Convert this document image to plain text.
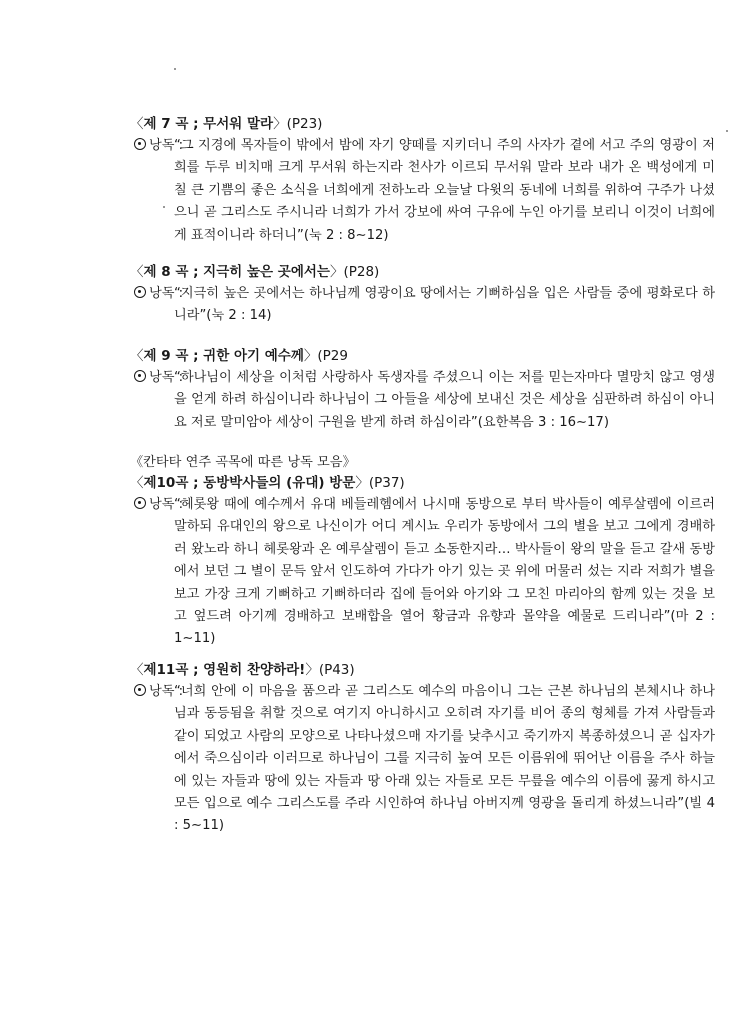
〈제 7 곡 ; 무서워 말라〉(P23)
낭독 :
“그 지경에 목자들이 밖에서 밤에 자기 양떼를 지키더니 주의 사자가 곁에 서고 주의 영광이 저희를 두루 비치매 크게 무서워 하는지라 천사가 이르되 무서워 말라 보라 내가 온 백성에게 미칠 큰 기쁨의 좋은 소식을 너희에게 전하노라 오늘날 다윗의 동네에 너희를 위하여 구주가 나셨으니 곧 그리스도 주시니라 너희가 가서 강보에 싸여 구유에 누인 아기를 보리니 이것이 너희에게 표적이니라 하더니”(눅 2 : 8∼12)
〈제 8 곡 ; 지극히 높은 곳에서는〉(P28)
낭독 :
“지극히 높은 곳에서는 하나님께 영광이요 땅에서는 기뻐하심을 입은 사람들 중에 평화로다 하니라”(눅 2 : 14)
〈제 9 곡 ; 귀한 아기 예수께〉(P29
낭독 :
“하나님이 세상을 이처럼 사랑하사 독생자를 주셨으니 이는 저를 믿는자마다 멸망치 않고 영생을 얻게 하려 하심이니라 하나님이 그 아들을 세상에 보내신 것은 세상을 심판하려 하심이 아니요 저로 말미암아 세상이 구원을 받게 하려 하심이라”(요한복음 3 : 16∼17)
《칸타타 연주 곡목에 따른 낭독 모음》
〈제10곡 ; 동방박사들의 (유대) 방문〉(P37)
낭독 :
“헤롯왕 때에 예수께서 유대 베들레헴에서 나시매 동방으로 부터 박사들이 예루살렘에 이르러 말하되 유대인의 왕으로 나신이가 어디 계시뇨 우리가 동방에서 그의 별을 보고 그에게 경배하러 왔노라 하니 헤롯왕과 온 예루살렘이 듣고 소동한지라… 박사들이 왕의 말을 듣고 갈새 동방에서 보던 그 별이 문득 앞서 인도하여 가다가 아기 있는 곳 위에 머물러 섰는 지라 저희가 별을 보고 가장 크게 기뻐하고 기뻐하더라 집에 들어와 아기와 그 모친 마리아의 함께 있는 것을 보고 엎드려 아기께 경배하고 보배합을 열어 황금과 유향과 몰약을 예물로 드리니라”(마 2 : 1∼11)
〈제11곡 ; 영원히 찬양하라!〉(P43)
낭독 :
“너희 안에 이 마음을 품으라 곧 그리스도 예수의 마음이니 그는 근본 하나님의 본체시나 하나님과 동등됨을 취할 것으로 여기지 아니하시고 오히려 자기를 비어 종의 형체를 가져 사람들과 같이 되었고 사람의 모양으로 나타나셨으매 자기를 낮추시고 죽기까지 복종하셨으니 곧 십자가에서 죽으심이라 이러므로 하나님이 그를 지극히 높여 모든 이름위에 뛰어난 이름을 주사 하늘에 있는 자들과 땅에 있는 자들과 땅 아래 있는 자들로 모든 무릎을 예수의 이름에 꿇게 하시고 모든 입으로 예수 그리스도를 주라 시인하여 하나님 아버지께 영광을 돌리게 하셨느니라”(빌 4 : 5∼11)
